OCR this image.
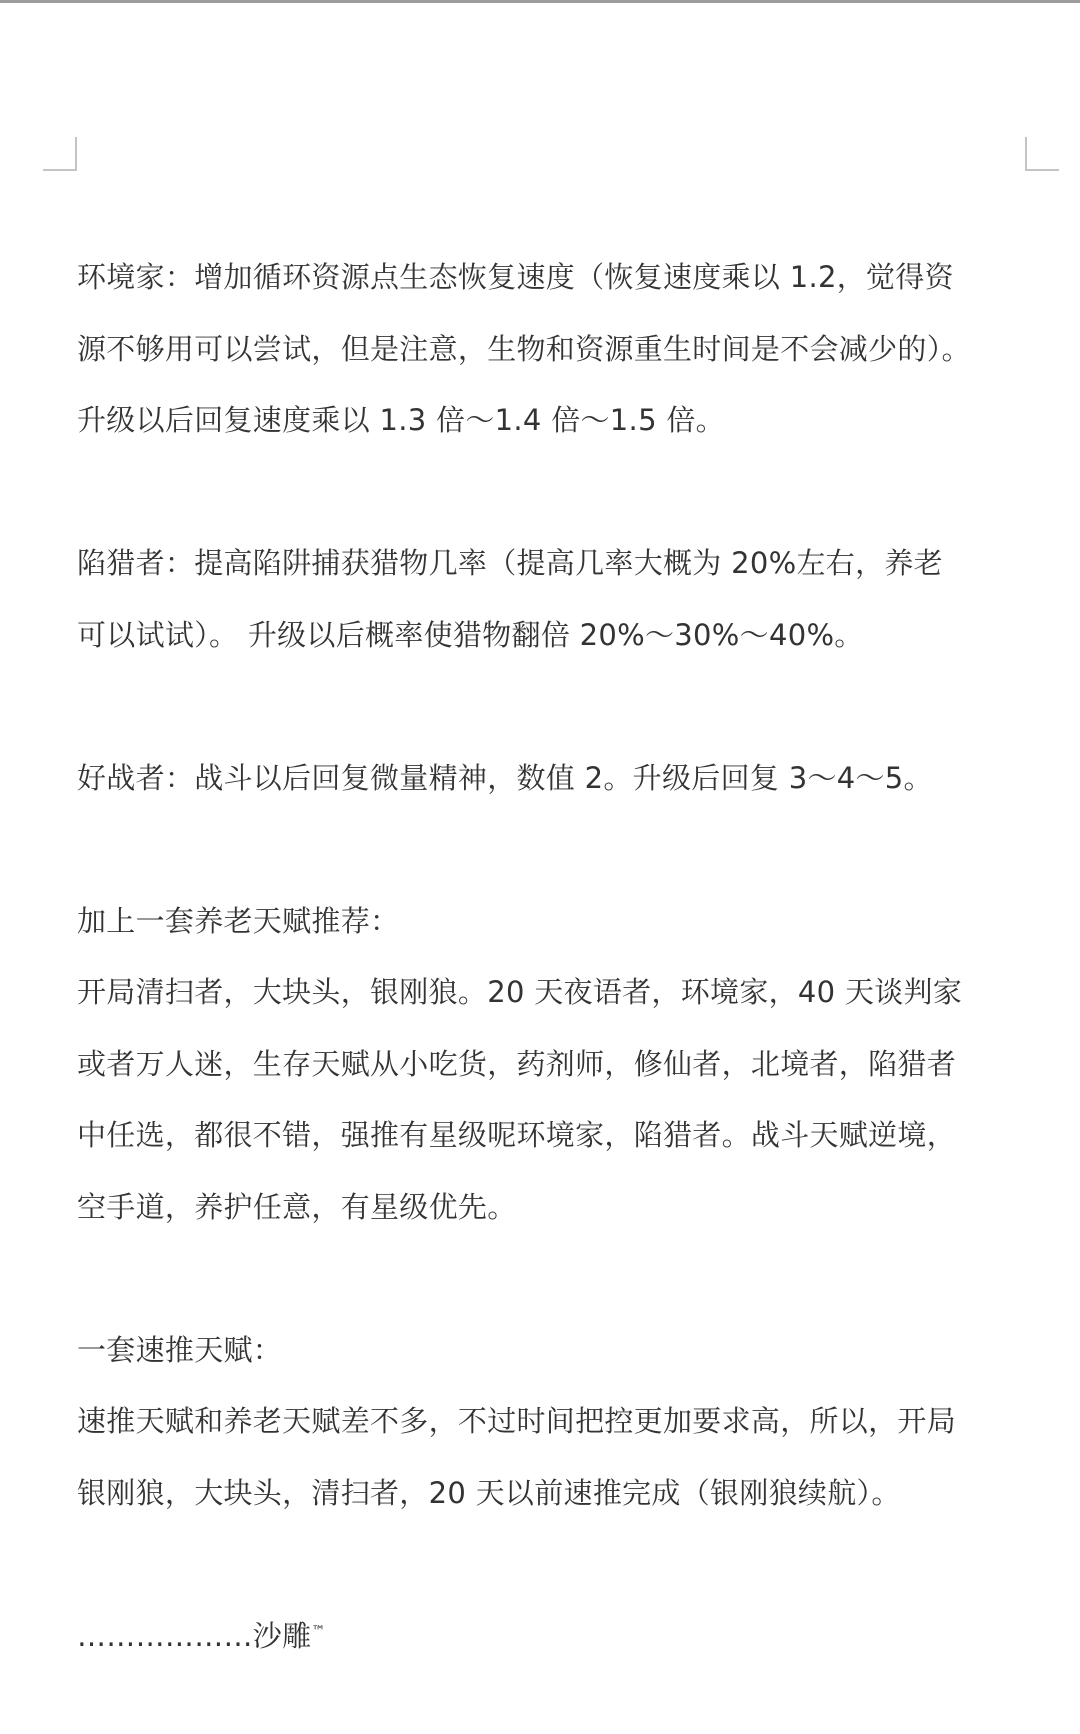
环境家：增加循环资源点生态恢复速度（恢复速度乘以 1.2，觉得资
源不够用可以尝试，但是注意，生物和资源重生时间是不会减少的）。
升级以后回复速度乘以 1.3 倍～1.4 倍～1.5 倍。
陷猎者：提高陷阱捕获猎物几率（提高几率大概为 20%左右，养老
可以试试）。 升级以后概率使猎物翻倍 20%～30%～40%。
好战者：战斗以后回复微量精神，数值 2。升级后回复 3～4～5。
加上一套养老天赋推荐：
开局清扫者，大块头，银刚狼。20 天夜语者，环境家，40 天谈判家
或者万人迷，生存天赋从小吃货，药剂师，修仙者，北境者，陷猎者
中任选，都很不错，强推有星级呢环境家，陷猎者。战斗天赋逆境，
空手道，养护任意，有星级优先。
一套速推天赋：
速推天赋和养老天赋差不多，不过时间把控更加要求高，所以，开局
银刚狼，大块头，清扫者，20 天以前速推完成（银刚狼续航）。
………………沙雕™
